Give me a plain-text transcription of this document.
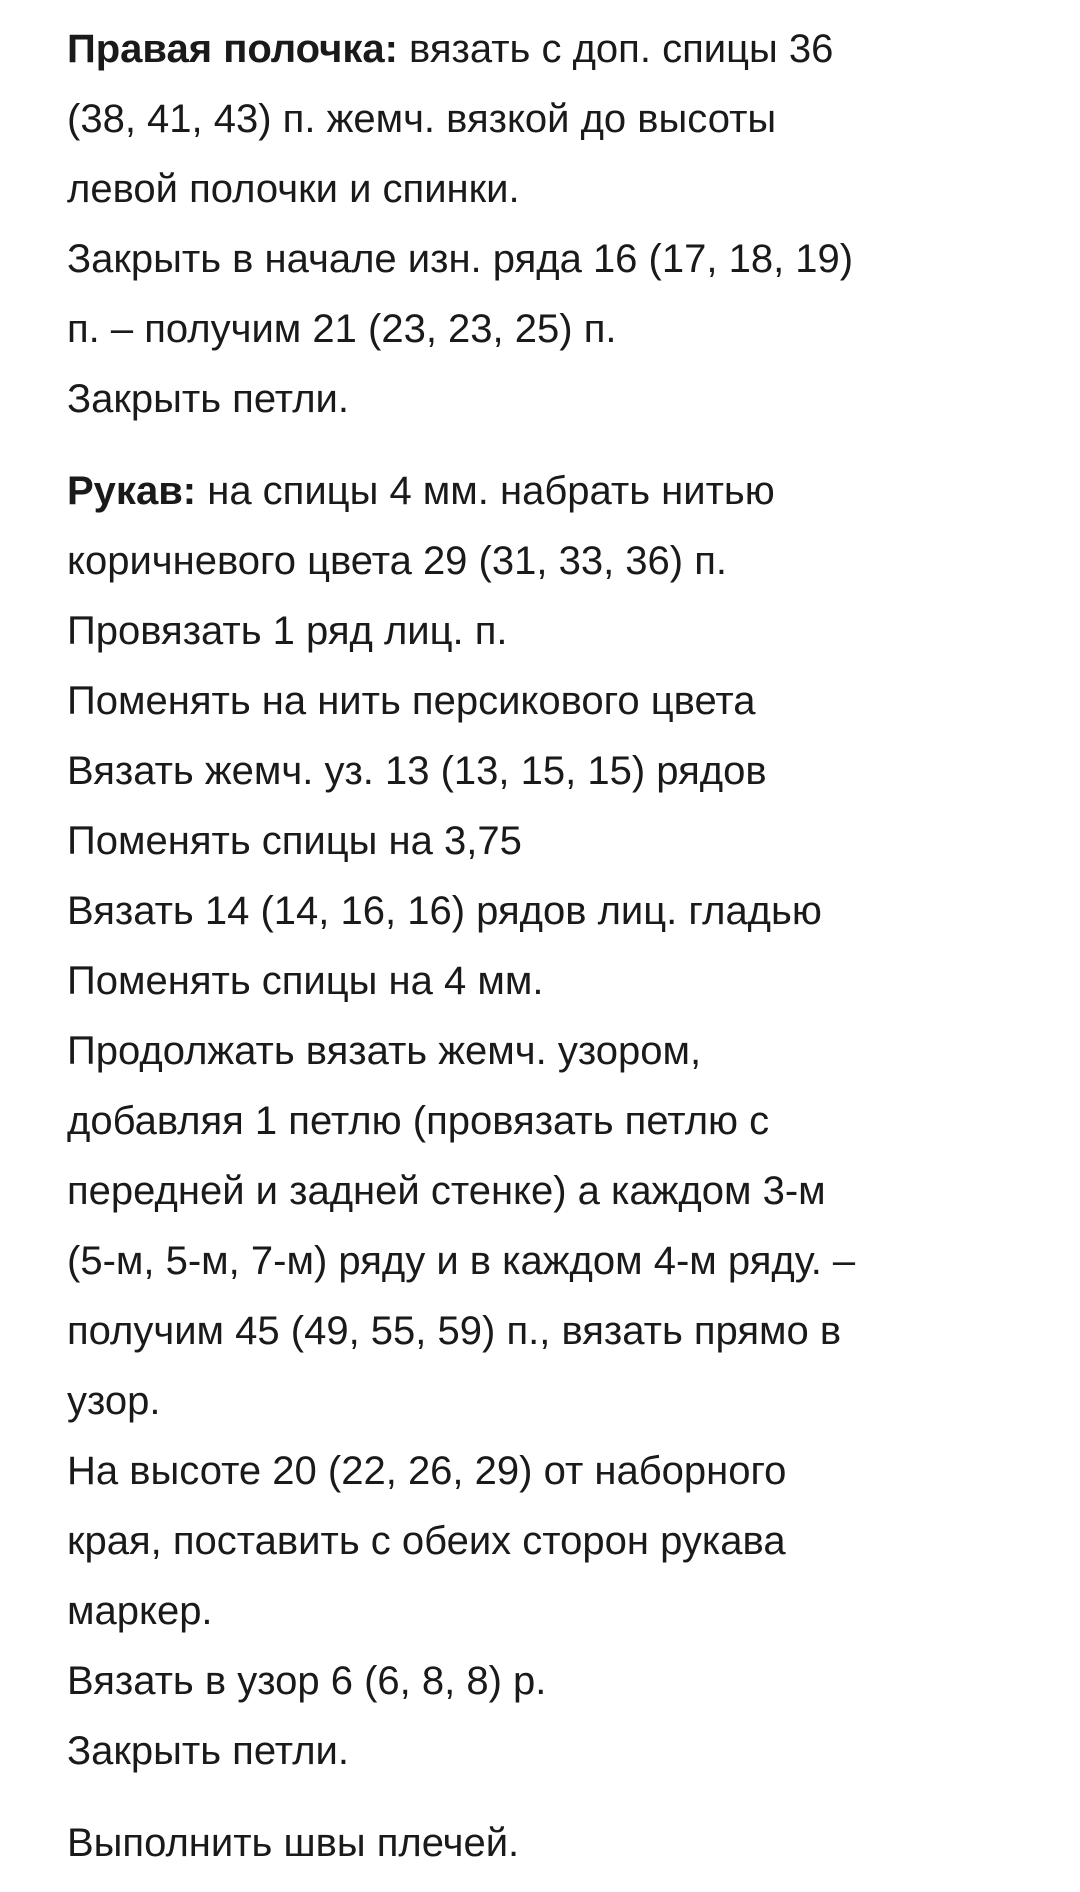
Правая полочка: вязать с доп. спицы 36
(38, 41, 43) п. жемч. вязкой до высоты
левой полочки и спинки.
Закрыть в начале изн. ряда 16 (17, 18, 19)
п. – получим 21 (23, 23, 25) п.
Закрыть петли.
Рукав: на спицы 4 мм. набрать нитью
коричневого цвета 29 (31, 33, 36) п.
Провязать 1 ряд лиц. п.
Поменять на нить персикового цвета
Вязать жемч. уз. 13 (13, 15, 15) рядов
Поменять спицы на 3,75
Вязать 14 (14, 16, 16) рядов лиц. гладью
Поменять спицы на 4 мм.
Продолжать вязать жемч. узором,
добавляя 1 петлю (провязать петлю с
передней и задней стенке) а каждом 3-м
(5-м, 5-м, 7-м) ряду и в каждом 4-м ряду. –
получим 45 (49, 55, 59) п., вязать прямо в
узор.
На высоте 20 (22, 26, 29) от наборного
края, поставить с обеих сторон рукава
маркер.
Вязать в узор 6 (6, 8, 8) р.
Закрыть петли.
Выполнить швы плечей.
